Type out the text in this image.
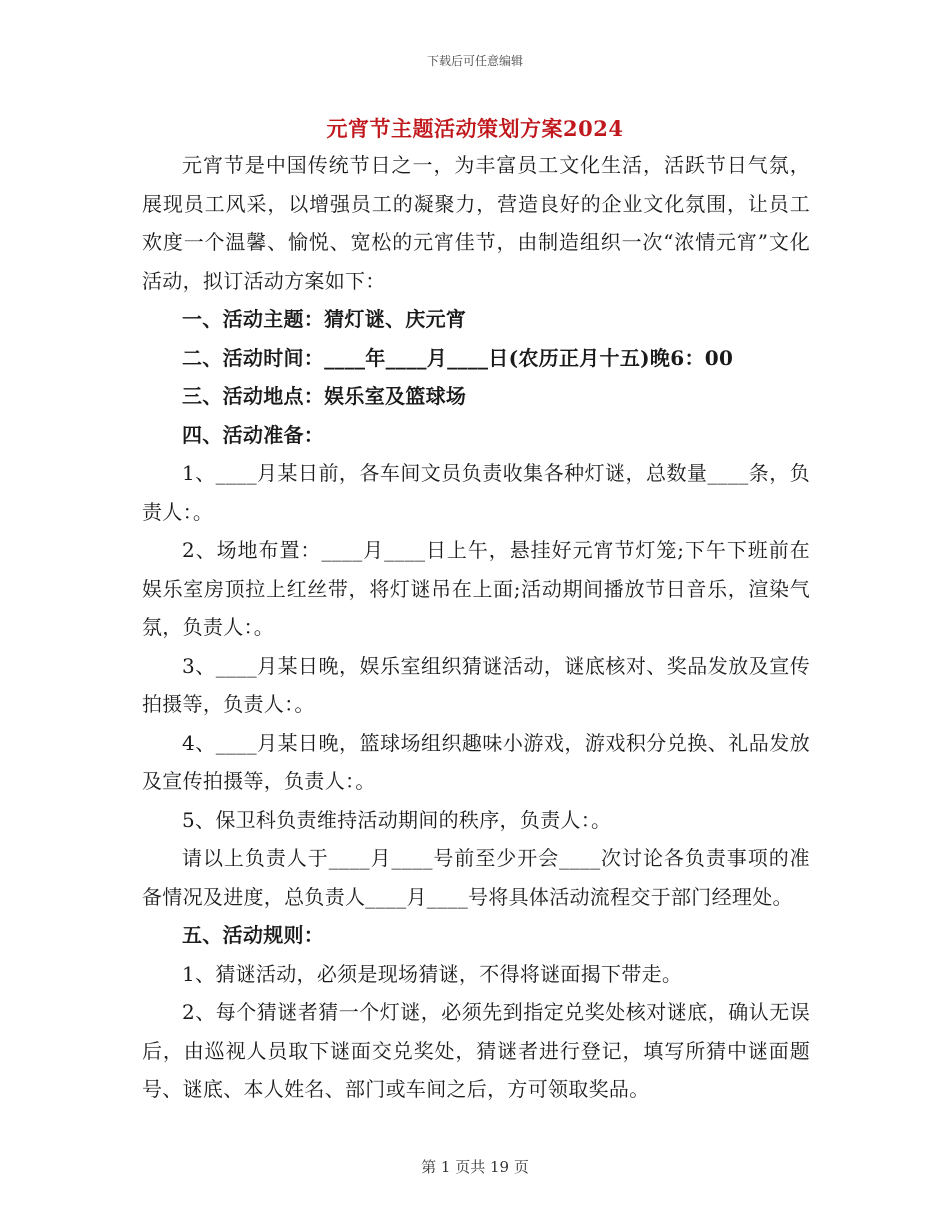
下载后可任意编辑
元宵节主题活动策划方案2024

元宵节是中国传统节日之一，为丰富员工文化生活，活跃节日气氛，展现员工风采，以增强员工的凝聚力，营造良好的企业文化氛围，让员工欢度一个温馨、愉悦、宽松的元宵佳节，由制造组织一次“浓情元宵”文化活动，拟订活动方案如下：

一、活动主题：猜灯谜、庆元宵

二、活动时间：____年____月____日(农历正月十五)晚6：00

三、活动地点：娱乐室及篮球场

四、活动准备：

1、____月某日前，各车间文员负责收集各种灯谜，总数量____条，负责人：。

2、场地布置：____月____日上午，悬挂好元宵节灯笼;下午下班前在娱乐室房顶拉上红丝带，将灯谜吊在上面;活动期间播放节日音乐，渲染气氛，负责人：。

3、____月某日晚，娱乐室组织猜谜活动，谜底核对、奖品发放及宣传拍摄等，负责人：。

4、____月某日晚，篮球场组织趣味小游戏，游戏积分兑换、礼品发放及宣传拍摄等，负责人：。

5、保卫科负责维持活动期间的秩序，负责人：。

请以上负责人于____月____号前至少开会____次讨论各负责事项的准备情况及进度，总负责人____月____号将具体活动流程交于部门经理处。

五、活动规则：

1、猜谜活动，必须是现场猜谜，不得将谜面揭下带走。

2、每个猜谜者猜一个灯谜，必须先到指定兑奖处核对谜底，确认无误后，由巡视人员取下谜面交兑奖处，猜谜者进行登记，填写所猜中谜面题号、谜底、本人姓名、部门或车间之后，方可领取奖品。

第 1 页共 19 页
